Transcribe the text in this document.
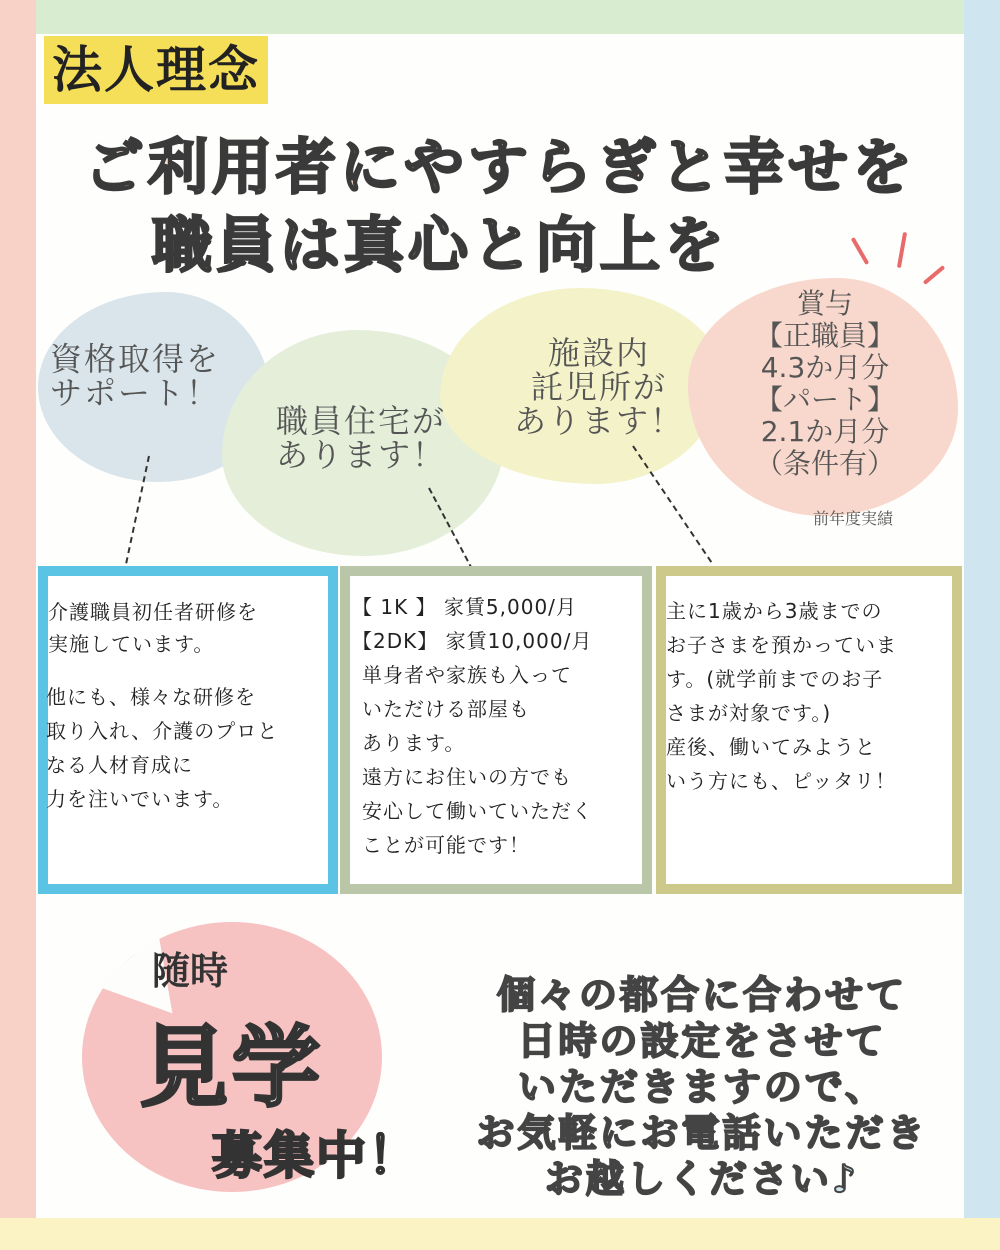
法人理念
ご利用者にやすらぎと幸せを
職員は真心と向上を
資格取得を
サポート！
職員住宅が
あります！
施設内
託児所が
あります！
賞与
【正職員】
4.3か月分
【パート】
2.1か月分
（条件有）
前年度実績
介護職員初任者研修を
実施しています。
他にも、様々な研修を
取り入れ、介護のプロと
なる人材育成に
力を注いでいます。
【 1K 】 家賃5,000/月
【2DK】 家賃10,000/月
単身者や家族も入って
いただける部屋も
あります。
遠方にお住いの方でも
安心して働いていただく
ことが可能です！
主に1歳から3歳までの
お子さまを預かっていま
す。(就学前までのお子
さまが対象です。)
産後、働いてみようと
いう方にも、ピッタリ！
随時
見学
募集中！
個々の都合に合わせて
日時の設定をさせて
いただきますので、
お気軽にお電話いただき
お越しください♪
